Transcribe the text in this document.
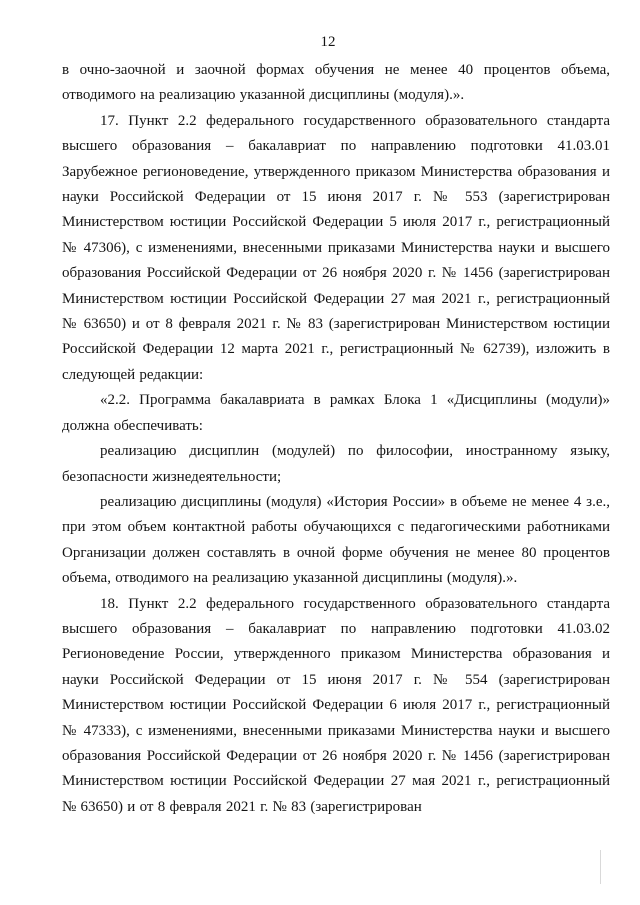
12

в очно-заочной и заочной формах обучения не менее 40 процентов объема, отводимого на реализацию указанной дисциплины (модуля).».

17. Пункт 2.2 федерального государственного образовательного стандарта высшего образования – бакалавриат по направлению подготовки 41.03.01 Зарубежное регионоведение, утвержденного приказом Министерства образования и науки Российской Федерации от 15 июня 2017 г. № 553 (зарегистрирован Министерством юстиции Российской Федерации 5 июля 2017 г., регистрационный № 47306), с изменениями, внесенными приказами Министерства науки и высшего образования Российской Федерации от 26 ноября 2020 г. № 1456 (зарегистрирован Министерством юстиции Российской Федерации 27 мая 2021 г., регистрационный № 63650) и от 8 февраля 2021 г. № 83 (зарегистрирован Министерством юстиции Российской Федерации 12 марта 2021 г., регистрационный № 62739), изложить в следующей редакции:

«2.2. Программа бакалавриата в рамках Блока 1 «Дисциплины (модули)» должна обеспечивать:

реализацию дисциплин (модулей) по философии, иностранному языку, безопасности жизнедеятельности;

реализацию дисциплины (модуля) «История России» в объеме не менее 4 з.е., при этом объем контактной работы обучающихся с педагогическими работниками Организации должен составлять в очной форме обучения не менее 80 процентов объема, отводимого на реализацию указанной дисциплины (модуля).».

18. Пункт 2.2 федерального государственного образовательного стандарта высшего образования – бакалавриат по направлению подготовки 41.03.02 Регионоведение России, утвержденного приказом Министерства образования и науки Российской Федерации от 15 июня 2017 г. № 554 (зарегистрирован Министерством юстиции Российской Федерации 6 июля 2017 г., регистрационный № 47333), с изменениями, внесенными приказами Министерства науки и высшего образования Российской Федерации от 26 ноября 2020 г. № 1456 (зарегистрирован Министерством юстиции Российской Федерации 27 мая 2021 г., регистрационный № 63650) и от 8 февраля 2021 г. № 83 (зарегистрирован
